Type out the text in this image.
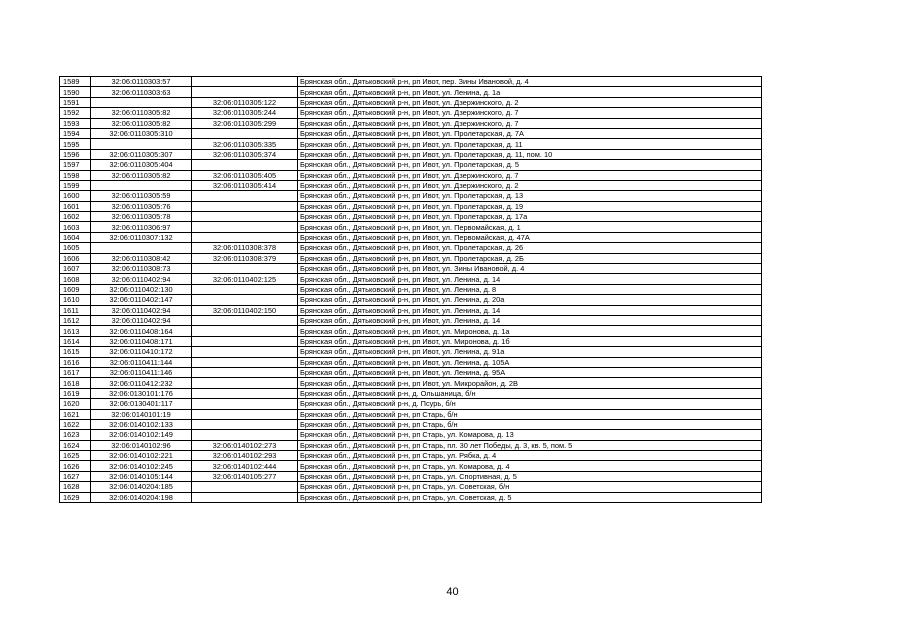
1589	32:06:0110303:57		Брянская обл., Дятьковский р-н, рп Ивот, пер. Зины Ивановой, д. 4
1590	32:06:0110303:63		Брянская обл., Дятьковский р-н, рп Ивот, ул. Ленина, д. 1а
1591		32:06:0110305:122	Брянская обл., Дятьковский р-н, рп Ивот, ул. Дзержинского, д. 2
1592	32:06:0110305:82	32:06:0110305:244	Брянская обл., Дятьковский р-н, рп Ивот, ул. Дзержинского, д. 7
1593	32:06:0110305:82	32:06:0110305:299	Брянская обл., Дятьковский р-н, рп Ивот, ул. Дзержинского, д. 7
1594	32:06:0110305:310		Брянская обл., Дятьковский р-н, рп Ивот, ул. Пролетарская, д. 7А
1595		32:06:0110305:335	Брянская обл., Дятьковский р-н, рп Ивот, ул. Пролетарская, д. 11
1596	32:06:0110305:307	32:06:0110305:374	Брянская обл., Дятьковский р-н, рп Ивот, ул. Пролетарская, д. 11, пом. 10
1597	32:06:0110305:404		Брянская обл., Дятьковский р-н, рп Ивот, ул. Пролетарская, д. 5
1598	32:06:0110305:82	32:06:0110305:405	Брянская обл., Дятьковский р-н, рп Ивот, ул. Дзержинского, д. 7
1599		32:06:0110305:414	Брянская обл., Дятьковский р-н, рп Ивот, ул. Дзержинского, д. 2
1600	32:06:0110305:59		Брянская обл., Дятьковский р-н, рп Ивот, ул. Пролетарская, д. 13
1601	32:06:0110305:76		Брянская обл., Дятьковский р-н, рп Ивот, ул. Пролетарская, д. 19
1602	32:06:0110305:78		Брянская обл., Дятьковский р-н, рп Ивот, ул. Пролетарская, д. 17а
1603	32:06:0110306:97		Брянская обл., Дятьковский р-н, рп Ивот, ул. Первомайская, д. 1
1604	32:06:0110307:132		Брянская обл., Дятьковский р-н, рп Ивот, ул. Первомайская, д. 47А
1605		32:06:0110308:378	Брянская обл., Дятьковский р-н, рп Ивот, ул. Пролетарская, д. 26
1606	32:06:0110308:42	32:06:0110308:379	Брянская обл., Дятьковский р-н, рп Ивот, ул. Пролетарская, д. 2Б
1607	32:06:0110308:73		Брянская обл., Дятьковский р-н, рп Ивот, ул. Зины Ивановой, д. 4
1608	32:06:0110402:94	32:06:0110402:125	Брянская обл., Дятьковский р-н, рп Ивот, ул. Ленина, д. 14
1609	32:06:0110402:130		Брянская обл., Дятьковский р-н, рп Ивот, ул. Ленина, д. 8
1610	32:06:0110402:147		Брянская обл., Дятьковский р-н, рп Ивот, ул. Ленина, д. 20а
1611	32:06:0110402:94	32:06:0110402:150	Брянская обл., Дятьковский р-н, рп Ивот, ул. Ленина, д. 14
1612	32:06:0110402:94		Брянская обл., Дятьковский р-н, рп Ивот, ул. Ленина, д. 14
1613	32:06:0110408:164		Брянская обл., Дятьковский р-н, рп Ивот, ул. Миронова, д. 1а
1614	32:06:0110408:171		Брянская обл., Дятьковский р-н, рп Ивот, ул. Миронова, д. 1б
1615	32:06:0110410:172		Брянская обл., Дятьковский р-н, рп Ивот, ул. Ленина, д. 91а
1616	32:06:0110411:144		Брянская обл., Дятьковский р-н, рп Ивот, ул. Ленина, д. 105А
1617	32:06:0110411:146		Брянская обл., Дятьковский р-н, рп Ивот, ул. Ленина, д. 95А
1618	32:06:0110412:232		Брянская обл., Дятьковский р-н, рп Ивот, ул. Микрорайон, д. 2В
1619	32:06:0130101:176		Брянская обл., Дятьковский р-н, д. Ольшаница, б/н
1620	32:06:0130401:117		Брянская обл., Дятьковский р-н, д. Псурь, б/н
1621	32:06:0140101:19		Брянская обл., Дятьковский р-н, рп Старь, б/н
1622	32:06:0140102:133		Брянская обл., Дятьковский р-н, рп Старь, б/н
1623	32:06:0140102:149		Брянская обл., Дятьковский р-н, рп Старь, ул. Комарова, д. 13
1624	32:06:0140102:96	32:06:0140102:273	Брянская обл., Дятьковский р-н, рп Старь, пл. 30 лет Победы, д. 3, кв. 5, пом. 5
1625	32:06:0140102:221	32:06:0140102:293	Брянская обл., Дятьковский р-н, рп Старь, ул. Рябка, д. 4
1626	32:06:0140102:245	32:06:0140102:444	Брянская обл., Дятьковский р-н, рп Старь, ул. Комарова, д. 4
1627	32:06:0140105:144	32:06:0140105:277	Брянская обл., Дятьковский р-н, рп Старь, ул. Спортивная, д. 5
1628	32:06:0140204:185		Брянская обл., Дятьковский р-н, рп Старь, ул. Советская, б/н
1629	32:06:0140204:198		Брянская обл., Дятьковский р-н, рп Старь, ул. Советская, д. 5
40
